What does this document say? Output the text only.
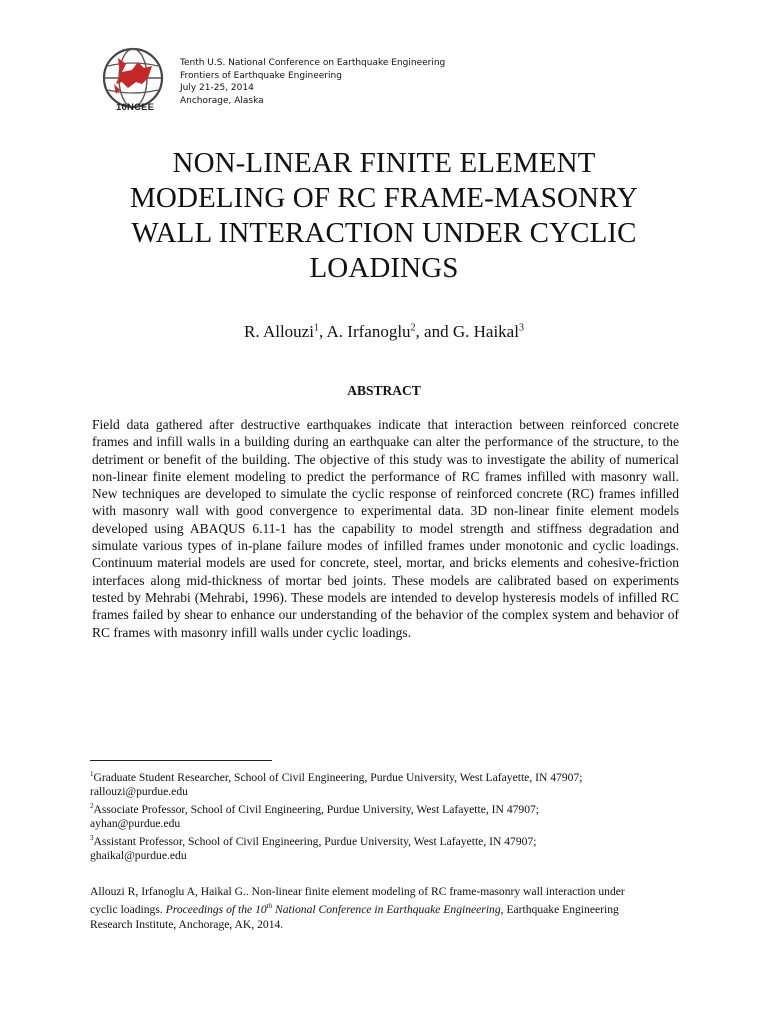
10NCEE
Tenth U.S. National Conference on Earthquake Engineering
Frontiers of Earthquake Engineering
July 21-25, 2014
Anchorage, Alaska
NON-LINEAR FINITE ELEMENT
MODELING OF RC FRAME-MASONRY
WALL INTERACTION UNDER CYCLIC
LOADINGS
R. Allouzi$^1$, A. Irfanoglu$^2$, and G. Haikal$^3$
ABSTRACT
Field data gathered after destructive earthquakes indicate that interaction between reinforced concrete frames and infill walls in a building during an earthquake can alter the performance of the structure, to the detriment or benefit of the building. The objective of this study was to investigate the ability of numerical non-linear finite element modeling to predict the performance of RC frames infilled with masonry wall. New techniques are developed to simulate the cyclic response of reinforced concrete (RC) frames infilled with masonry wall with good convergence to experimental data. 3D non-linear finite element models developed using ABAQUS 6.11-1 has the capability to model strength and stiffness degradation and simulate various types of in-plane failure modes of infilled frames under monotonic and cyclic loadings. Continuum material models are used for concrete, steel, mortar, and bricks elements and cohesive-friction interfaces along mid-thickness of mortar bed joints. These models are calibrated based on experiments tested by Mehrabi (Mehrabi, 1996). These models are intended to develop hysteresis models of infilled RC frames failed by shear to enhance our understanding of the behavior of the complex system and behavior of RC frames with masonry infill walls under cyclic loadings.
$^1$Graduate Student Researcher, School of Civil Engineering, Purdue University, West Lafayette, IN 47907;
rallouzi@purdue.edu
$^2$Associate Professor, School of Civil Engineering, Purdue University, West Lafayette, IN 47907;
ayhan@purdue.edu
$^3$Assistant Professor, School of Civil Engineering, Purdue University, West Lafayette, IN 47907;
ghaikal@purdue.edu
Allouzi R, Irfanoglu A, Haikal G.. Non-linear finite element modeling of RC frame-masonry wall interaction under
cyclic loadings. Proceedings of the 10th National Conference in Earthquake Engineering, Earthquake Engineering
Research Institute, Anchorage, AK, 2014.
